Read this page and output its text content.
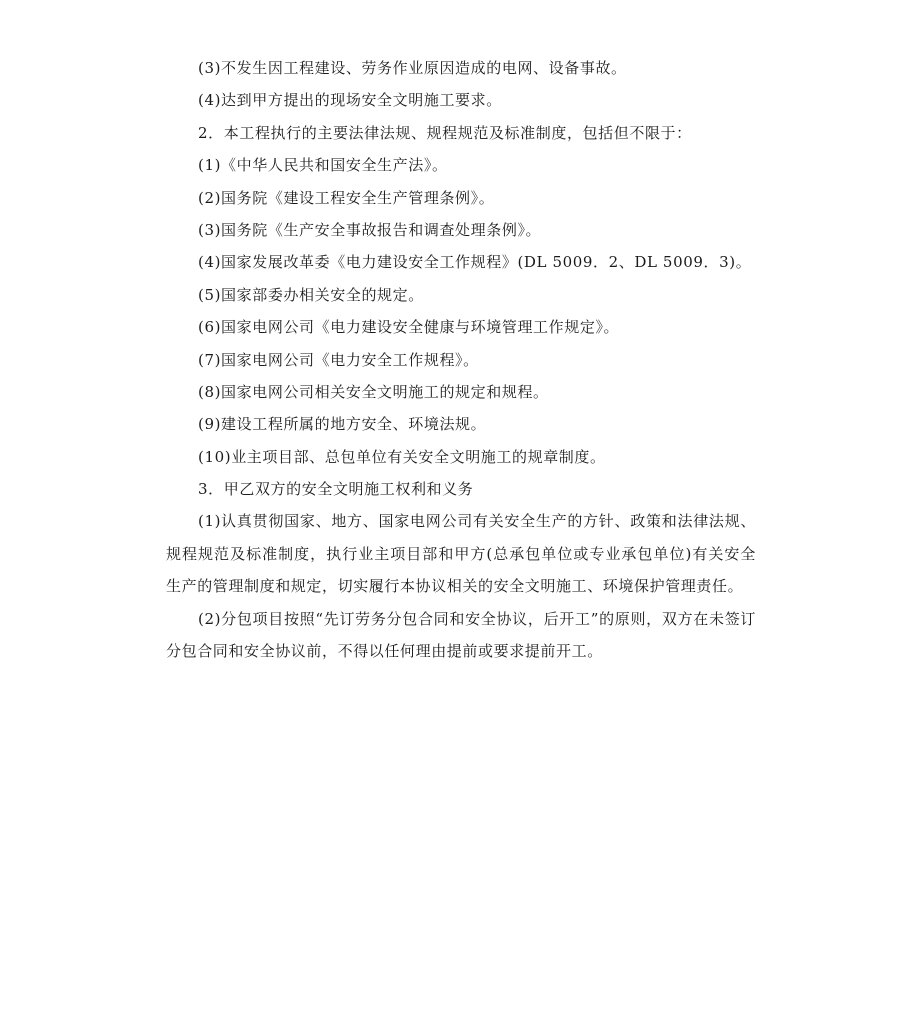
(3)不发生因工程建设、劳务作业原因造成的电网、设备事故。

(4)达到甲方提出的现场安全文明施工要求。

2．本工程执行的主要法律法规、规程规范及标准制度，包括但不限于：

(1)《中华人民共和国安全生产法》。

(2)国务院《建设工程安全生产管理条例》。

(3)国务院《生产安全事故报告和调查处理条例》。

(4)国家发展改革委《电力建设安全工作规程》(DL 5009．2、DL 5009．3)。

(5)国家部委办相关安全的规定。

(6)国家电网公司《电力建设安全健康与环境管理工作规定》。

(7)国家电网公司《电力安全工作规程》。

(8)国家电网公司相关安全文明施工的规定和规程。

(9)建设工程所属的地方安全、环境法规。

(10)业主项目部、总包单位有关安全文明施工的规章制度。

3．甲乙双方的安全文明施工权利和义务

(1)认真贯彻国家、地方、国家电网公司有关安全生产的方针、政策和法律法规、规程规范及标准制度，执行业主项目部和甲方(总承包单位或专业承包单位)有关安全生产的管理制度和规定，切实履行本协议相关的安全文明施工、环境保护管理责任。

(2)分包项目按照“先订劳务分包合同和安全协议，后开工”的原则，双方在未签订分包合同和安全协议前，不得以任何理由提前或要求提前开工。
